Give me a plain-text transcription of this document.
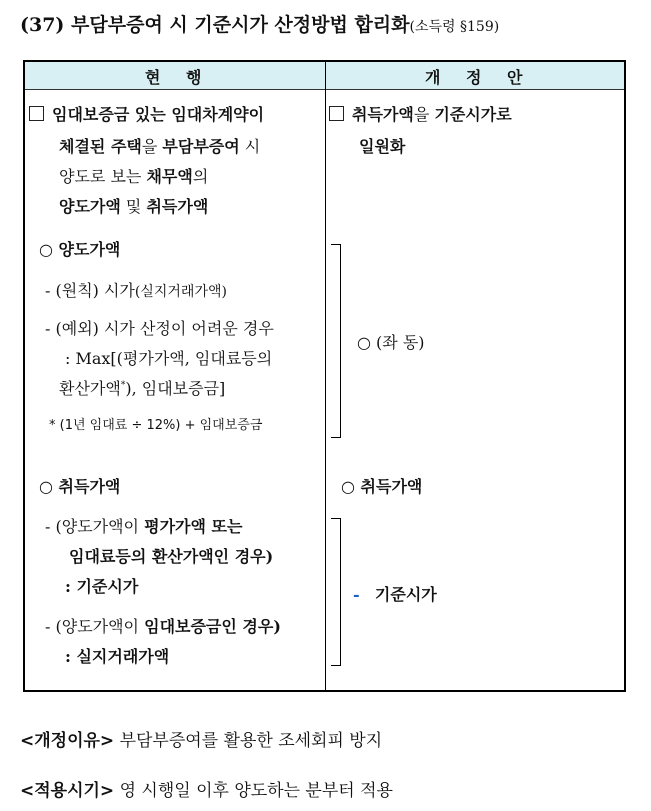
(37) 부담부증여 시 기준시가 산정방법 합리화(소득령 §159)
현 행	개 정 안
임대보증금 있는 임대차계약이
체결된 주택을 부담부증여 시
양도로 보는 채무액의
양도가액 및 취득가액
○ 양도가액
- (원칙) 시가(실지거래가액)
- (예외) 시가 산정이 어려운 경우
: Max[(평가가액, 임대료등의
환산가액*), 임대보증금]
* (1년 임대료 ÷ 12%) + 임대보증금
○ 취득가액
- (양도가액이 평가가액 또는
임대료등의 환산가액인 경우)
: 기준시가
- (양도가액이 임대보증금인 경우)
: 실지거래가액
취득가액을 기준시가로
일원화
○ (좌 동)
○ 취득가액
- 기준시가
<개정이유> 부담부증여를 활용한 조세회피 방지
<적용시기> 영 시행일 이후 양도하는 분부터 적용
